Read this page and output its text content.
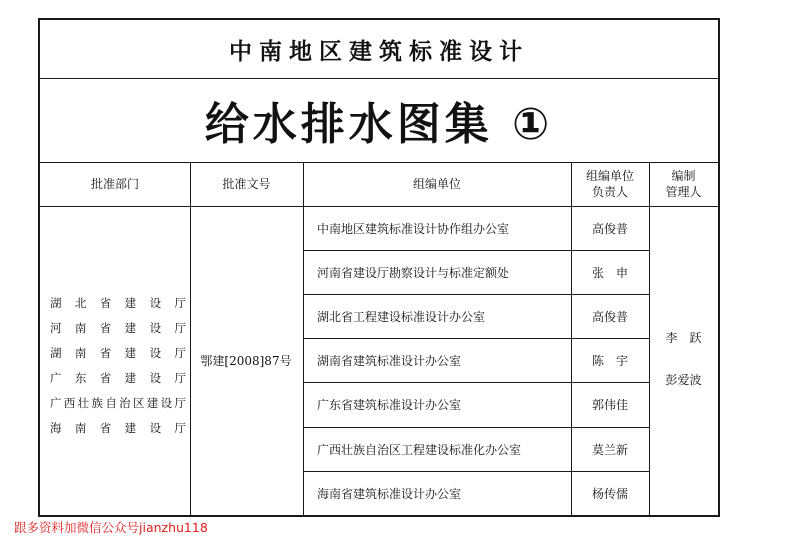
中南地区建筑标准设计
给水排水图集 ①
批准部门	批准文号	组编单位
组编单位
负责人
编制
管理人
湖 北 省 建 设 厅
河 南 省 建 设 厅
湖 南 省 建 设 厅
广 东 省 建 设 厅
广 西 壮 族 自 治 区 建 设 厅
海 南 省 建 设 厅
鄂建[2008]87号
中南地区建筑标准设计协作组办公室
河南省建设厅勘察设计与标准定额处
湖北省工程建设标准设计办公室
湖南省建筑标准设计办公室
广东省建筑标准设计办公室
广西壮族自治区工程建设标准化办公室
海南省建筑标准设计办公室
高俊普
张　申
高俊普
陈　宇
郭伟佳
莫兰新
杨传儒
李　跃
彭爱波
跟多资料加微信公众号jianzhu118
